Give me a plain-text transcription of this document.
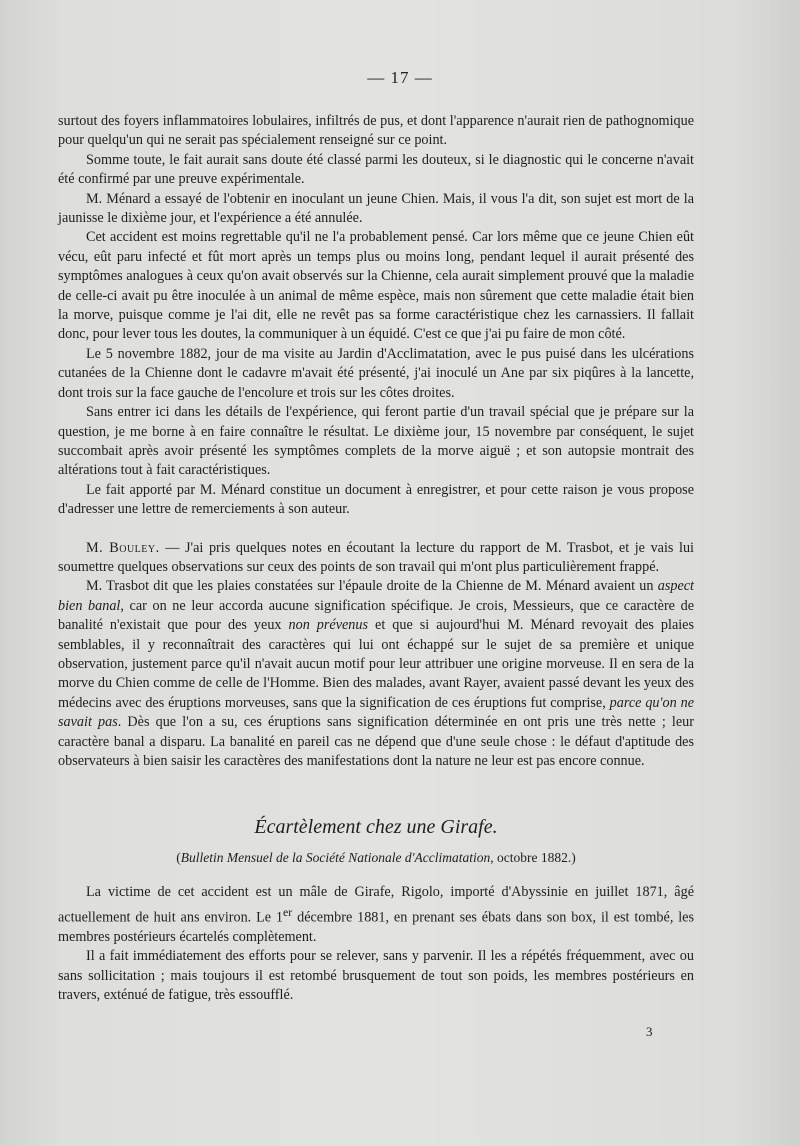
— 17 —

surtout des foyers inflammatoires lobulaires, infiltrés de pus, et dont l'apparence n'aurait rien de pathognomique pour quelqu'un qui ne serait pas spécialement renseigné sur ce point.

Somme toute, le fait aurait sans doute été classé parmi les douteux, si le diagnostic qui le concerne n'avait été confirmé par une preuve expérimentale.

M. Ménard a essayé de l'obtenir en inoculant un jeune Chien. Mais, il vous l'a dit, son sujet est mort de la jaunisse le dixième jour, et l'expérience a été annulée.

Cet accident est moins regrettable qu'il ne l'a probablement pensé. Car lors même que ce jeune Chien eût vécu, eût paru infecté et fût mort après un temps plus ou moins long, pendant lequel il aurait présenté des symptômes analogues à ceux qu'on avait observés sur la Chienne, cela aurait simplement prouvé que la maladie de celle-ci avait pu être inoculée à un animal de même espèce, mais non sûrement que cette maladie était bien la morve, puisque comme je l'ai dit, elle ne revêt pas sa forme caractéristique chez les carnassiers. Il fallait donc, pour lever tous les doutes, la communiquer à un équidé. C'est ce que j'ai pu faire de mon côté.

Le 5 novembre 1882, jour de ma visite au Jardin d'Acclimatation, avec le pus puisé dans les ulcérations cutanées de la Chienne dont le cadavre m'avait été présenté, j'ai inoculé un Ane par six piqûres à la lancette, dont trois sur la face gauche de l'encolure et trois sur les côtes droites.

Sans entrer ici dans les détails de l'expérience, qui feront partie d'un travail spécial que je prépare sur la question, je me borne à en faire connaître le résultat. Le dixième jour, 15 novembre par conséquent, le sujet succombait après avoir présenté les symptômes complets de la morve aiguë ; et son autopsie montrait des altérations tout à fait caractéristiques.

Le fait apporté par M. Ménard constitue un document à enregistrer, et pour cette raison je vous propose d'adresser une lettre de remerciements à son auteur.

M. Bouley. — J'ai pris quelques notes en écoutant la lecture du rapport de M. Trasbot, et je vais lui soumettre quelques observations sur ceux des points de son travail qui m'ont plus particulièrement frappé.

M. Trasbot dit que les plaies constatées sur l'épaule droite de la Chienne de M. Ménard avaient un aspect bien banal, car on ne leur accorda aucune signification spécifique. Je crois, Messieurs, que ce caractère de banalité n'existait que pour des yeux non prévenus et que si aujourd'hui M. Ménard revoyait des plaies semblables, il y reconnaîtrait des caractères qui lui ont échappé sur le sujet de sa première et unique observation, justement parce qu'il n'avait aucun motif pour leur attribuer une origine morveuse. Il en sera de la morve du Chien comme de celle de l'Homme. Bien des malades, avant Rayer, avaient passé devant les yeux des médecins avec des éruptions morveuses, sans que la signification de ces éruptions fut comprise, parce qu'on ne savait pas. Dès que l'on a su, ces éruptions sans signification déterminée en ont pris une très nette ; leur caractère banal a disparu. La banalité en pareil cas ne dépend que d'une seule chose : le défaut d'aptitude des observateurs à bien saisir les caractères des manifestations dont la nature ne leur est pas encore connue.

Écartèlement chez une Girafe.
(Bulletin Mensuel de la Société Nationale d'Acclimatation, octobre 1882.)

La victime de cet accident est un mâle de Girafe, Rigolo, importé d'Abyssinie en juillet 1871, âgé actuellement de huit ans environ. Le 1er décembre 1881, en prenant ses ébats dans son box, il est tombé, les membres postérieurs écartelés complètement.

Il a fait immédiatement des efforts pour se relever, sans y parvenir. Il les a répétés fréquemment, avec ou sans sollicitation ; mais toujours il est retombé brusquement de tout son poids, les membres postérieurs en travers, exténué de fatigue, très essoufflé.

3
